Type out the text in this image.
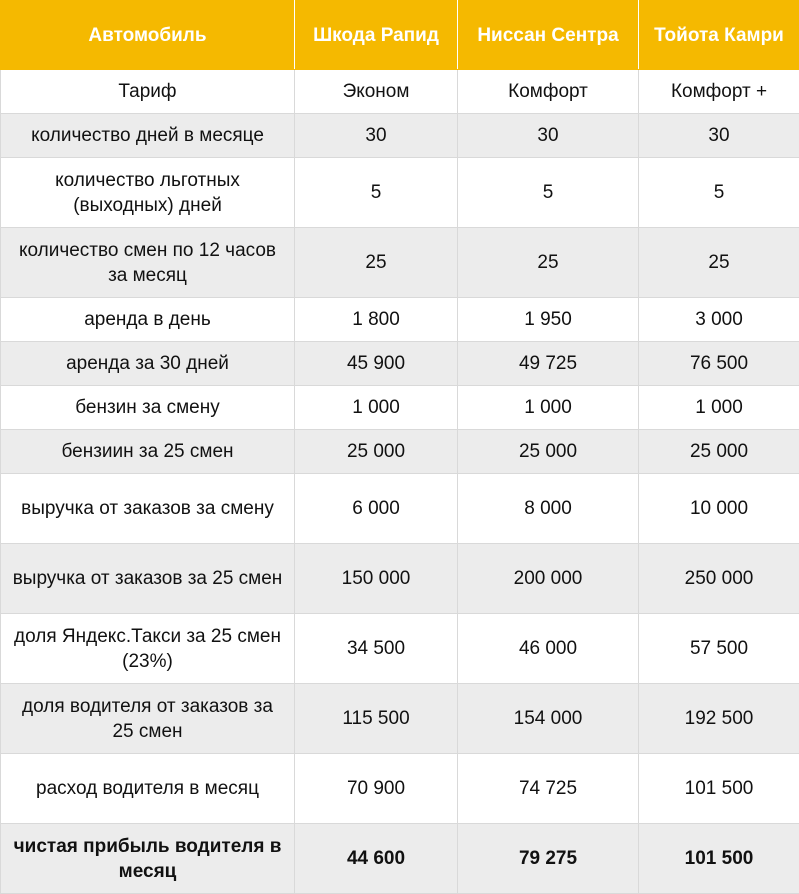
Автомобиль	Шкода Рапид	Ниссан Сентра	Тойота Камри
Тариф	Эконом	Комфорт	Комфорт +
количество дней в месяце	30	30	30
количество льготных (выходных) дней	5	5	5
количество смен по 12 часов за месяц	25	25	25
аренда в день	1 800	1 950	3 000
аренда за 30 дней	45 900	49 725	76 500
бензин за смену	1 000	1 000	1 000
бензиин за 25 смен	25 000	25 000	25 000
выручка от заказов за смену	6 000	8 000	10 000
выручка от заказов за 25 смен	150 000	200 000	250 000
доля Яндекс.Такси за 25 смен (23%)	34 500	46 000	57 500
доля водителя от заказов за 25 смен	115 500	154 000	192 500
расход водителя в месяц	70 900	74 725	101 500
чистая прибыль водителя в месяц	44 600	79 275	101 500
